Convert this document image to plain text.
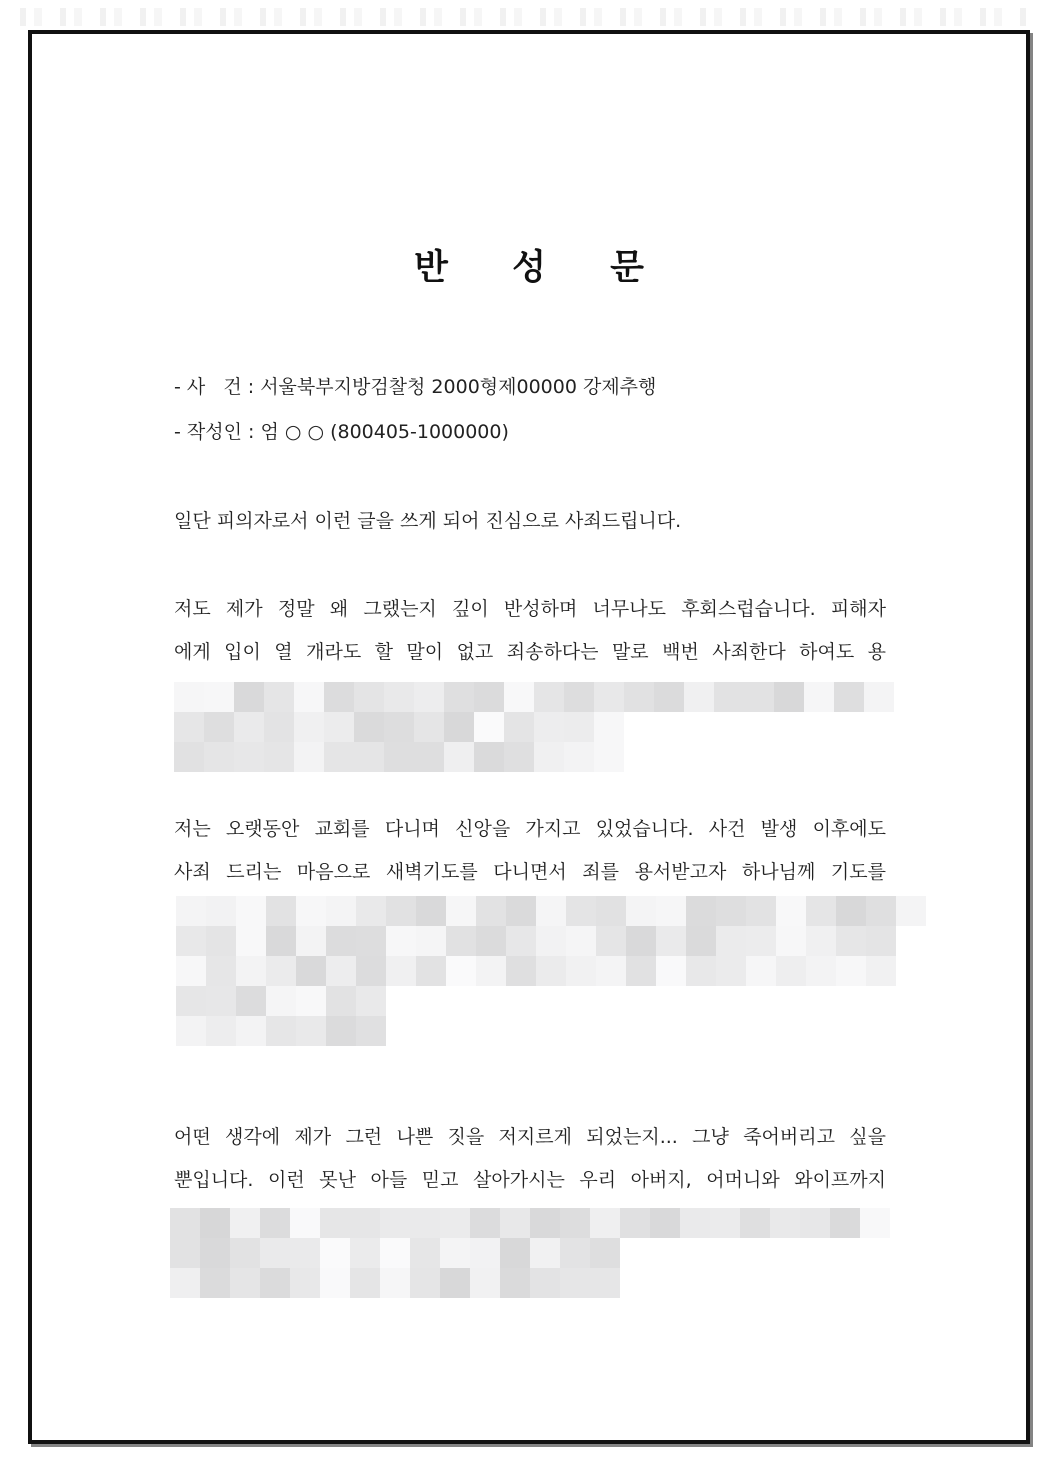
반 성 문
- 사   건 : 서울북부지방검찰청 2000형제00000 강제추행
- 작성인 : 엄 ○ ○ (800405-1000000)
일단 피의자로서 이런 글을 쓰게 되어 진심으로 사죄드립니다.
저도 제가 정말 왜 그랬는지 깊이 반성하며 너무나도 후회스럽습니다. 피해자
에게 입이 열 개라도 할 말이 없고 죄송하다는 말로 백번 사죄한다 하여도 용
저는 오랫동안 교회를 다니며 신앙을 가지고 있었습니다. 사건 발생 이후에도
사죄 드리는 마음으로 새벽기도를 다니면서 죄를 용서받고자 하나님께 기도를
어떤 생각에 제가 그런 나쁜 짓을 저지르게 되었는지... 그냥 죽어버리고 싶을
뿐입니다. 이런 못난 아들 믿고 살아가시는 우리 아버지, 어머니와 와이프까지
